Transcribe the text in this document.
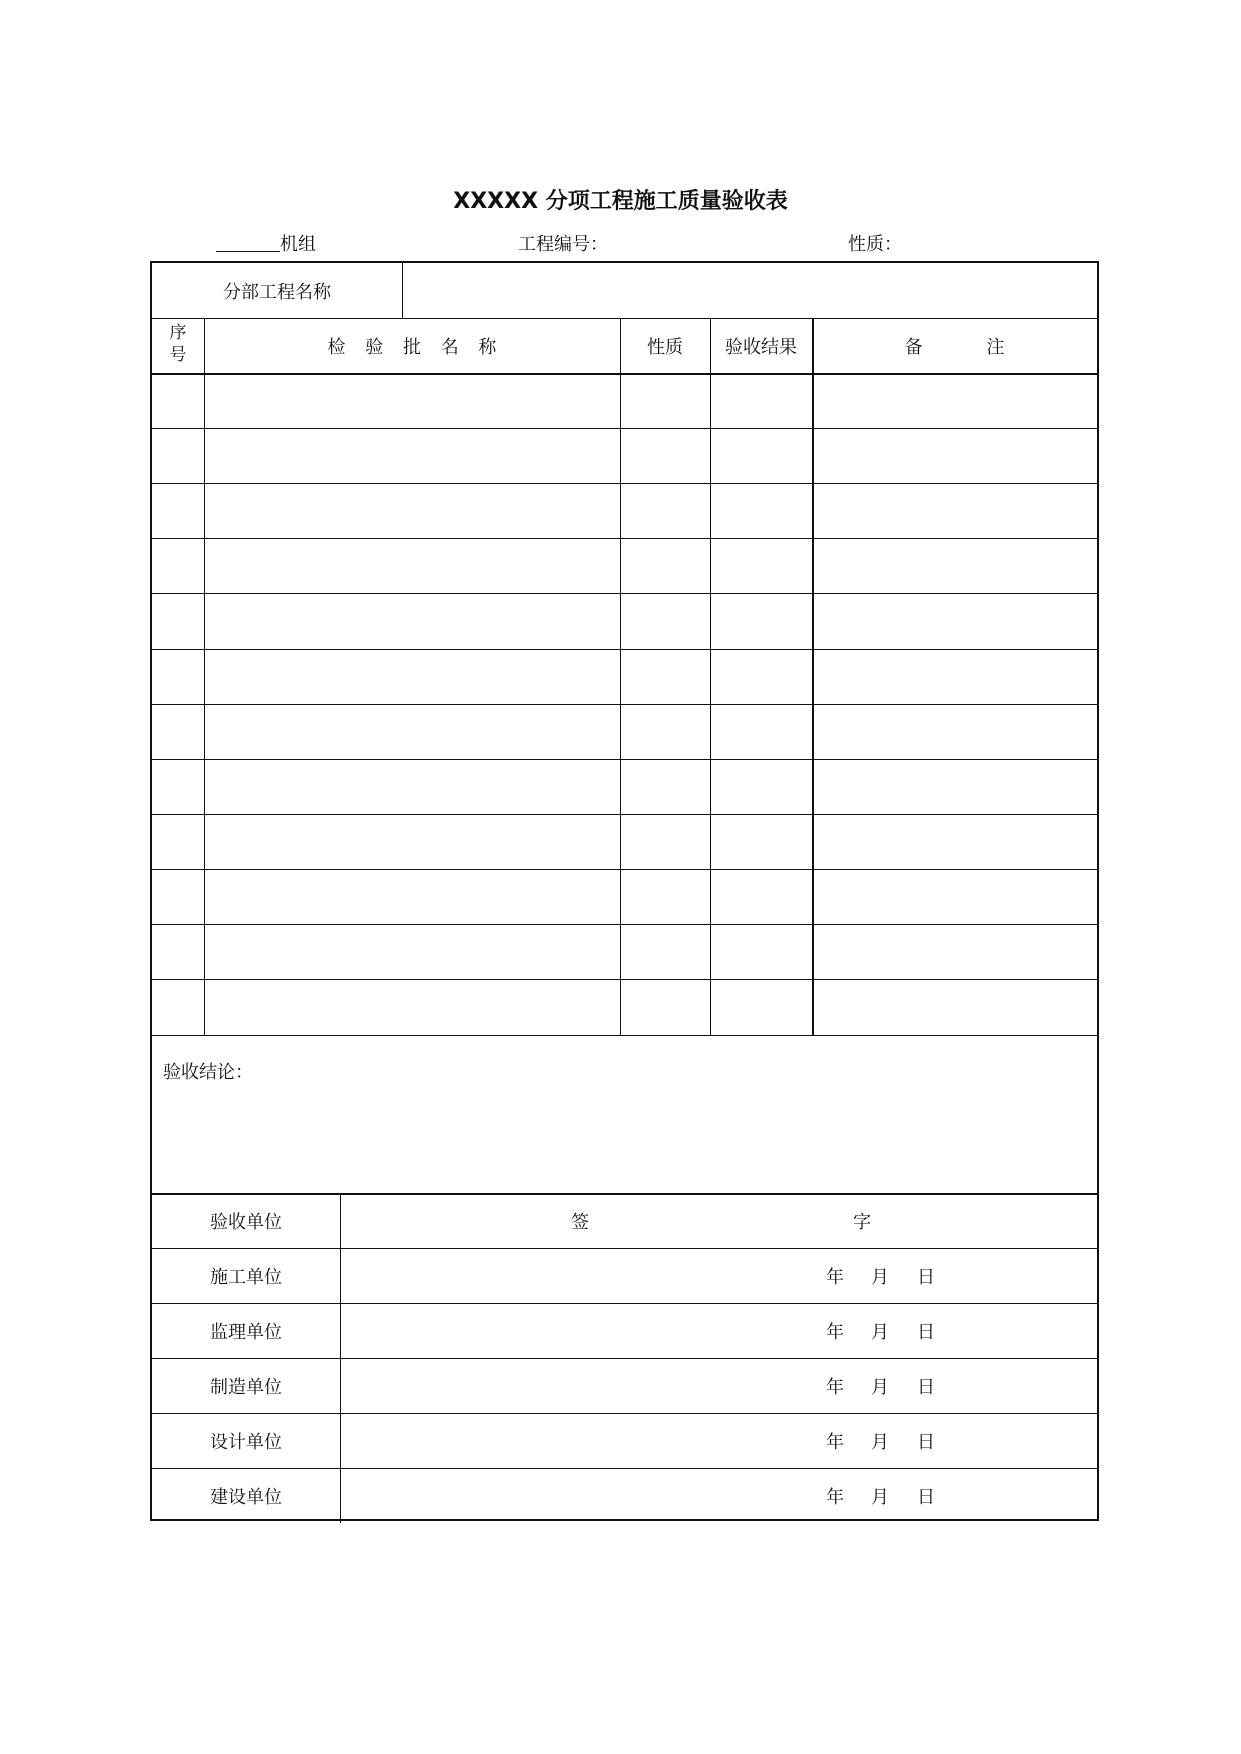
XXXXX 分项工程施工质量验收表
机组	工程编号：	性质：
分部工程名称
序
号	检 验 批 名 称	性质	验收结果	备 注
验收结论：
验收单位	签	字
施工单位	年 月 日
监理单位	年 月 日
制造单位	年 月 日
设计单位	年 月 日
建设单位	年 月 日
